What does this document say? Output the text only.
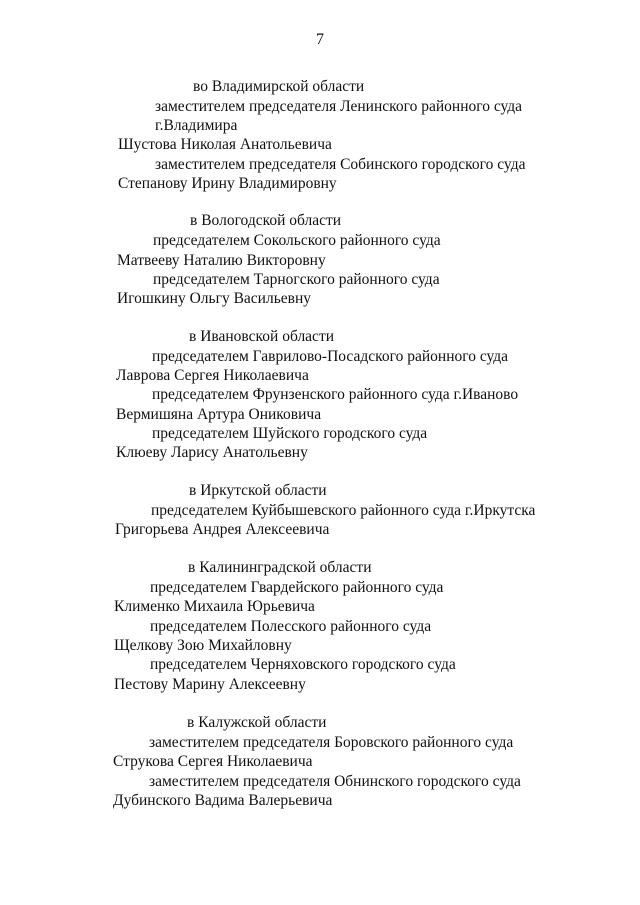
7
во Владимирской области
заместителем председателя Ленинского районного суда
г.Владимира
Шустова Николая Анатольевича
заместителем председателя Собинского городского суда
Степанову Ирину Владимировну
в Вологодской области
председателем Сокольского районного суда
Матвееву Наталию Викторовну
председателем Тарногского районного суда
Игошкину Ольгу Васильевну
в Ивановской области
председателем Гаврилово-Посадского районного суда
Лаврова Сергея Николаевича
председателем Фрунзенского районного суда г.Иваново
Вермишяна Артура Ониковича
председателем Шуйского городского суда
Клюеву Ларису Анатольевну
в Иркутской области
председателем Куйбышевского районного суда г.Иркутска
Григорьева Андрея Алексеевича
в Калининградской области
председателем Гвардейского районного суда
Клименко Михаила Юрьевича
председателем Полесского районного суда
Щелкову Зою Михайловну
председателем Черняховского городского суда
Пестову Марину Алексеевну
в Калужской области
заместителем председателя Боровского районного суда
Струкова Сергея Николаевича
заместителем председателя Обнинского городского суда
Дубинского Вадима Валерьевича
